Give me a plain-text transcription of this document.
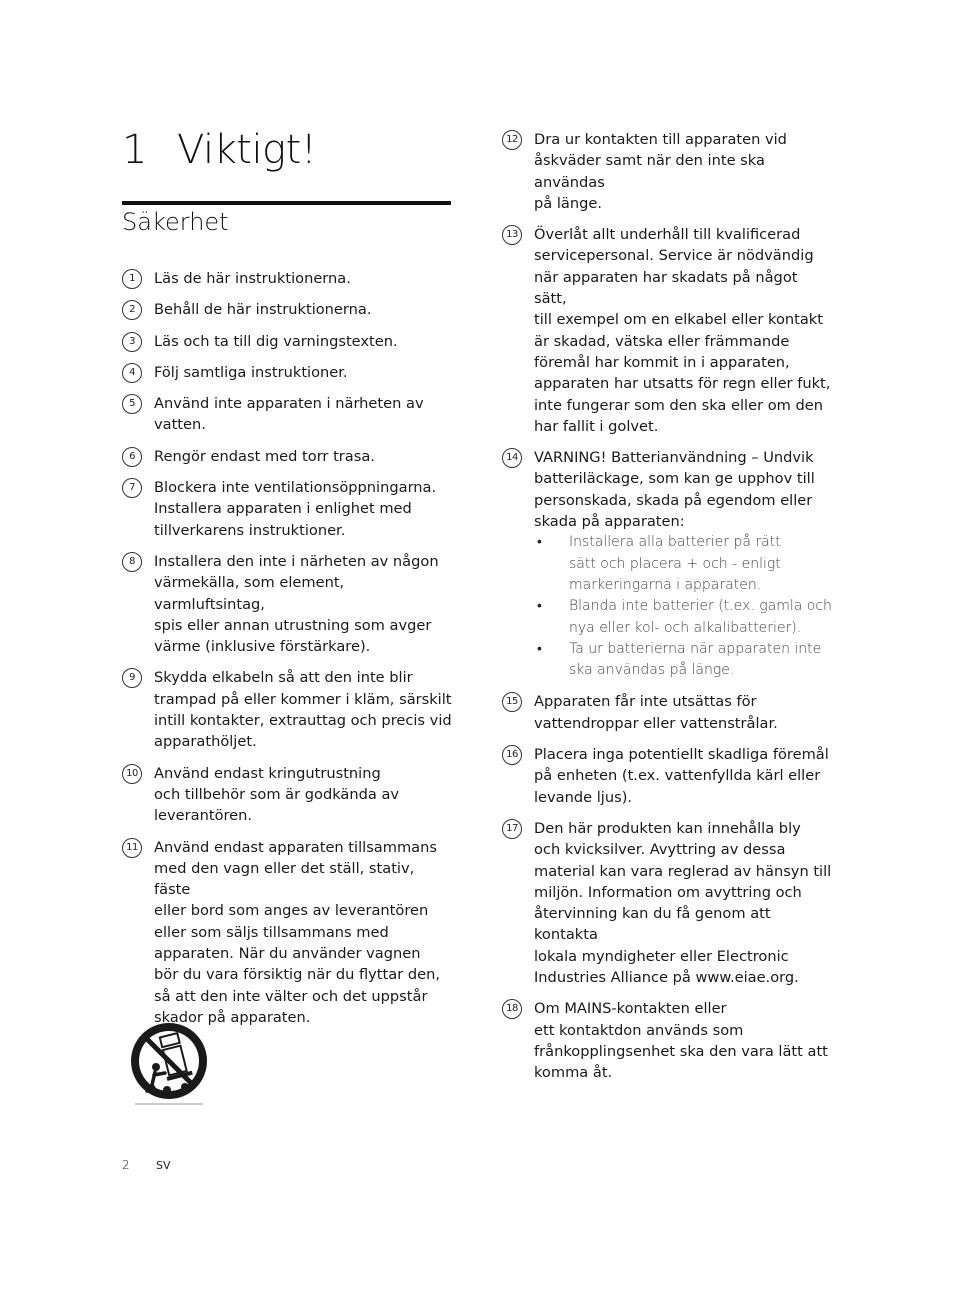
1 Viktigt!
Säkerhet
1	Läs de här instruktionerna.
2	Behåll de här instruktionerna.
3	Läs och ta till dig varningstexten.
4	Följ samtliga instruktioner.
5	Använd inte apparaten i närheten av
vatten.
6	Rengör endast med torr trasa.
7	Blockera inte ventilationsöppningarna.
Installera apparaten i enlighet med
tillverkarens instruktioner.
8	Installera den inte i närheten av någon
värmekälla, som element, varmluftsintag,
spis eller annan utrustning som avger
värme (inklusive förstärkare).
9	Skydda elkabeln så att den inte blir
trampad på eller kommer i kläm, särskilt
intill kontakter, extrauttag och precis vid
apparathöljet.
10 Använd endast kringutrustning
och tillbehör som är godkända av
leverantören.
11 Använd endast apparaten tillsammans
med den vagn eller det ställ, stativ, fäste
eller bord som anges av leverantören
eller som säljs tillsammans med
apparaten. När du använder vagnen
bör du vara försiktig när du flyttar den,
så att den inte välter och det uppstår
skador på apparaten.
12 Dra ur kontakten till apparaten vid
åskväder samt när den inte ska användas
på länge.
13 Överlåt allt underhåll till kvalificerad
servicepersonal. Service är nödvändig
när apparaten har skadats på något sätt,
till exempel om en elkabel eller kontakt
är skadad, vätska eller främmande
föremål har kommit in i apparaten,
apparaten har utsatts för regn eller fukt,
inte fungerar som den ska eller om den
har fallit i golvet.
14 VARNING! Batterianvändning – Undvik
batteriläckage, som kan ge upphov till
personskada, skada på egendom eller
skada på apparaten:
•	Installera alla batterier på rätt
sätt och placera + och - enligt
markeringarna i apparaten.
•	Blanda inte batterier (t.ex. gamla och
nya eller kol- och alkalibatterier).
•	Ta ur batterierna när apparaten inte
ska användas på länge.
15 Apparaten får inte utsättas för
vattendroppar eller vattenstrålar.
16 Placera inga potentiellt skadliga föremål
på enheten (t.ex. vattenfyllda kärl eller
levande ljus).
17 Den här produkten kan innehålla bly
och kvicksilver. Avyttring av dessa
material kan vara reglerad av hänsyn till
miljön. Information om avyttring och
återvinning kan du få genom att kontakta
lokala myndigheter eller Electronic
Industries Alliance på www.eiae.org.
18 Om MAINS-kontakten eller
ett kontaktdon används som
frånkopplingsenhet ska den vara lätt att
komma åt.
2 SV
